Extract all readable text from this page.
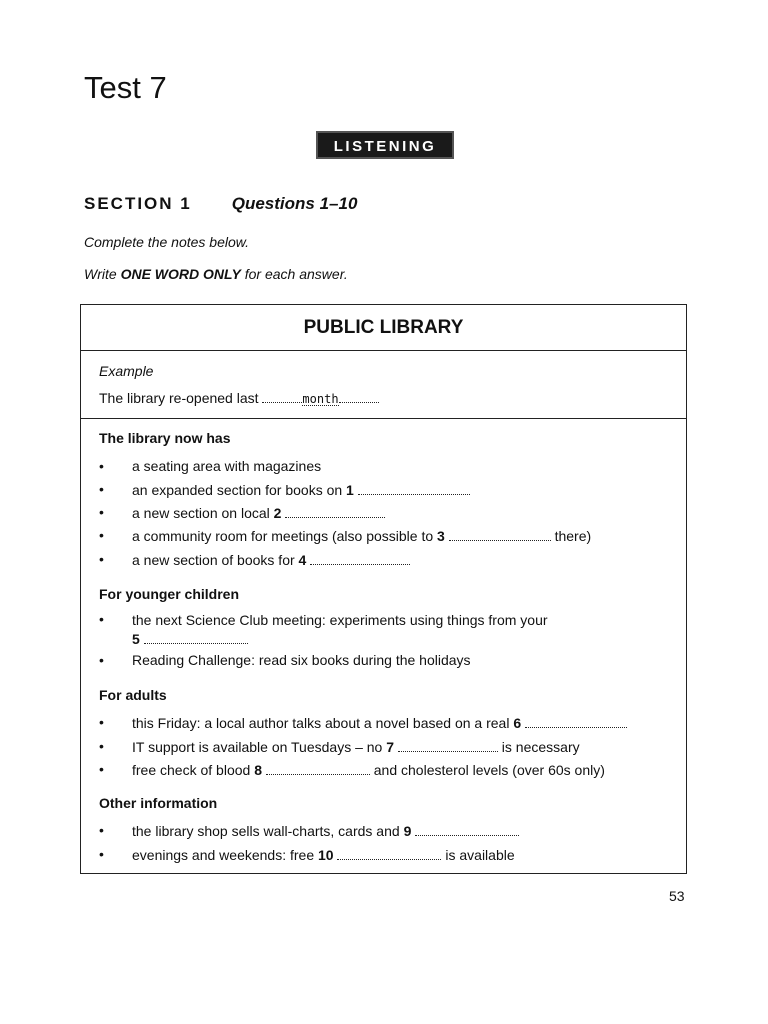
Test 7
LISTENING
SECTION 1 Questions 1–10
Complete the notes below.
Write ONE WORD ONLY for each answer.
PUBLIC LIBRARY
Example
The library re-opened last	month
The library now has
• a seating area with magazines
• an expanded section for books on 1
• a new section on local 2
• a community room for meetings (also possible to 3	there)
• a new section of books for 4
For younger children
• the next Science Club meeting: experiments using things from your
5
• Reading Challenge: read six books during the holidays
For adults
• this Friday: a local author talks about a novel based on a real 6
• IT support is available on Tuesdays – no 7	is necessary
• free check of blood 8	and cholesterol levels (over 60s only)
Other information
• the library shop sells wall-charts, cards and 9
• evenings and weekends: free 10	is available
53
